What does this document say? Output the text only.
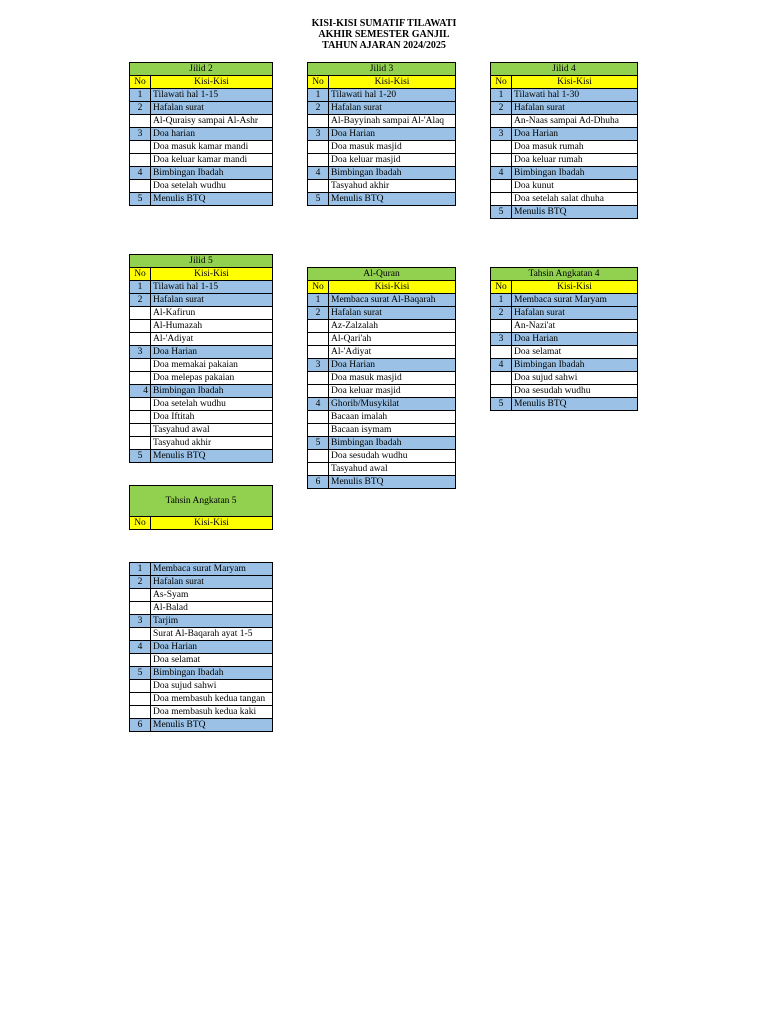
KISI-KISI SUMATIF TILAWATI
AKHIR SEMESTER GANJIL
TAHUN AJARAN 2024/2025
Jilid 2	
No	Kisi-Kisi
1	Tilawati hal 1-15
2	Hafalan surat
	Al-Quraisy sampai Al-Ashr
3	Doa harian
	Doa masuk kamar mandi
	Doa keluar kamar mandi
4	Bimbingan Ibadah
	Doa setelah wudhu
5	Menulis BTQ
Jilid 3	
No	Kisi-Kisi
1	Tilawati hal 1-20
2	Hafalan surat
	Al-Bayyinah sampai Al-'Alaq
3	Doa Harian
	Doa masuk masjid
	Doa keluar masjid
4	Bimbingan Ibadah
	Tasyahud akhir
5	Menulis BTQ
Jilid 4	
No	Kisi-Kisi
1	Tilawati hal 1-30
2	Hafalan surat
	An-Naas sampai Ad-Dhuha
3	Doa Harian
	Doa masuk rumah
	Doa keluar rumah
4	Bimbingan Ibadah
	Doa kunut
	Doa setelah salat dhuha
5	Menulis BTQ
Jilid 5	
No	Kisi-Kisi
1	Tilawati hal 1-15
2	Hafalan surat
	Al-Kafirun
	Al-Humazah
	Al-'Adiyat
3	Doa Harian
	Doa memakai pakaian
	Doa melepas pakaian
4	Bimbingan Ibadah
	Doa setelah wudhu
	Doa Iftitah
	Tasyahud awal
	Tasyahud akhir
5	Menulis BTQ
Al-Quran	
No	Kisi-Kisi
1	Membaca surat Al-Baqarah
2	Hafalan surat
	Az-Zalzalah
	Al-Qari'ah
	Al-'Adiyat
3	Doa Harian
	Doa masuk masjid
	Doa keluar masjid
4	Ghorib/Musykilat
	Bacaan imalah
	Bacaan isymam
5	Bimbingan Ibadah
	Doa sesudah wudhu
	Tasyahud awal
6	Menulis BTQ
Tahsin Angkatan 4	
No	Kisi-Kisi
1	Membaca surat Maryam
2	Hafalan surat
	An-Nazi'at
3	Doa Harian
	Doa selamat
4	Bimbingan Ibadah
	Doa sujud sahwi
	Doa sesudah wudhu
5	Menulis BTQ
Tahsin Angkatan 5
No	Kisi-Kisi
1	Membaca surat Maryam
2	Hafalan surat
	As-Syam
	Al-Balad
3	Tarjim
	Surat Al-Baqarah ayat 1-5
4	Doa Harian
	Doa selamat
5	Bimbingan Ibadah
	Doa sujud sahwi
	Doa membasuh kedua tangan
	Doa membasuh kedua kaki
6	Menulis BTQ
